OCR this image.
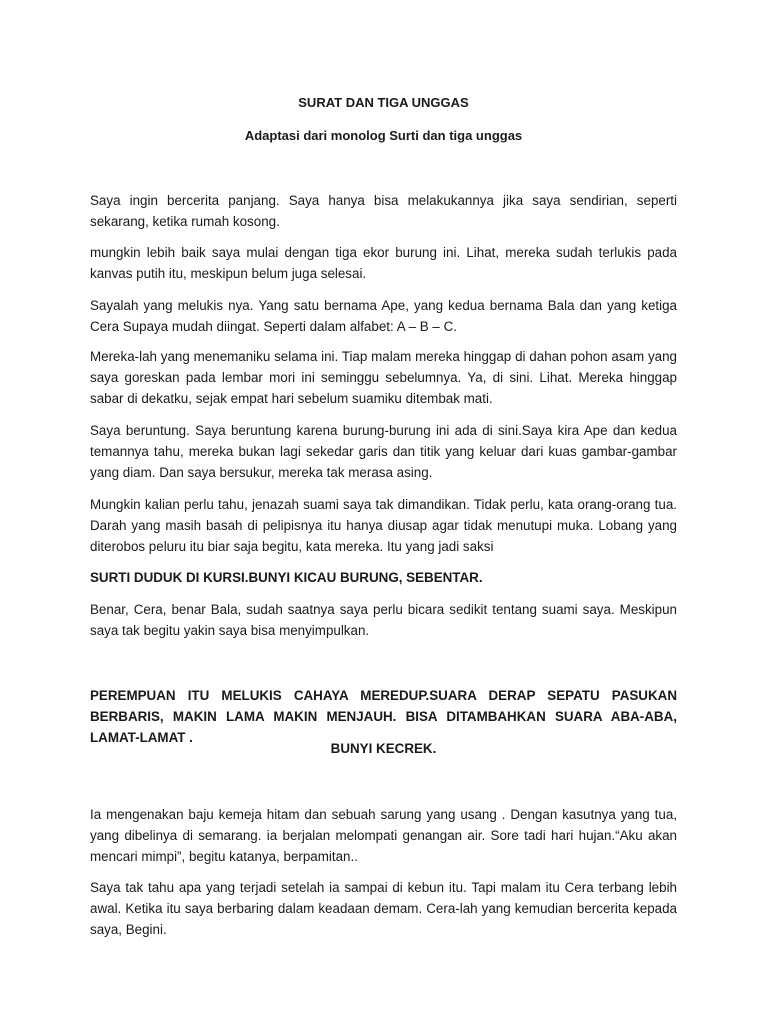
SURAT DAN TIGA UNGGAS

Adaptasi dari monolog Surti dan tiga unggas

Saya ingin bercerita panjang. Saya hanya bisa melakukannya jika saya sendirian, seperti sekarang, ketika rumah kosong.

mungkin lebih baik saya mulai dengan tiga ekor burung ini. Lihat, mereka sudah terlukis pada kanvas putih itu, meskipun belum juga selesai.

Sayalah yang melukis nya. Yang satu bernama Ape, yang kedua bernama Bala dan yang ketiga Cera Supaya mudah diingat. Seperti dalam alfabet: A – B – C.

Mereka-lah yang menemaniku selama ini. Tiap malam mereka hinggap di dahan pohon asam yang saya goreskan pada lembar mori ini seminggu sebelumnya. Ya, di sini. Lihat. Mereka hinggap sabar di dekatku, sejak empat hari sebelum suamiku ditembak mati.

Saya beruntung. Saya beruntung karena burung-burung ini ada di sini.Saya kira Ape dan kedua temannya tahu, mereka bukan lagi sekedar garis dan titik yang keluar dari kuas gambar-gambar yang diam. Dan saya bersukur, mereka tak merasa asing.

Mungkin kalian perlu tahu, jenazah suami saya tak dimandikan. Tidak perlu, kata orang-orang tua. Darah yang masih basah di pelipisnya itu hanya diusap agar tidak menutupi muka. Lobang yang diterobos peluru itu biar saja begitu, kata mereka. Itu yang jadi saksi

SURTI DUDUK DI KURSI.BUNYI KICAU BURUNG, SEBENTAR.

Benar, Cera, benar Bala, sudah saatnya saya perlu bicara sedikit tentang suami saya. Meskipun saya tak begitu yakin saya bisa menyimpulkan.

PEREMPUAN ITU MELUKIS CAHAYA MEREDUP.SUARA DERAP SEPATU PASUKAN BERBARIS, MAKIN LAMA MAKIN MENJAUH. BISA DITAMBAHKAN SUARA ABA-ABA, LAMAT-LAMAT .

BUNYI KECREK.

Ia mengenakan baju kemeja hitam dan sebuah sarung yang usang . Dengan kasutnya yang tua, yang dibelinya di semarang. ia berjalan melompati genangan air. Sore tadi hari hujan.“Aku akan mencari mimpi”, begitu katanya, berpamitan..

Saya tak tahu apa yang terjadi setelah ia sampai di kebun itu. Tapi malam itu Cera terbang lebih awal. Ketika itu saya berbaring dalam keadaan demam. Cera-lah yang kemudian bercerita kepada saya, Begini.
